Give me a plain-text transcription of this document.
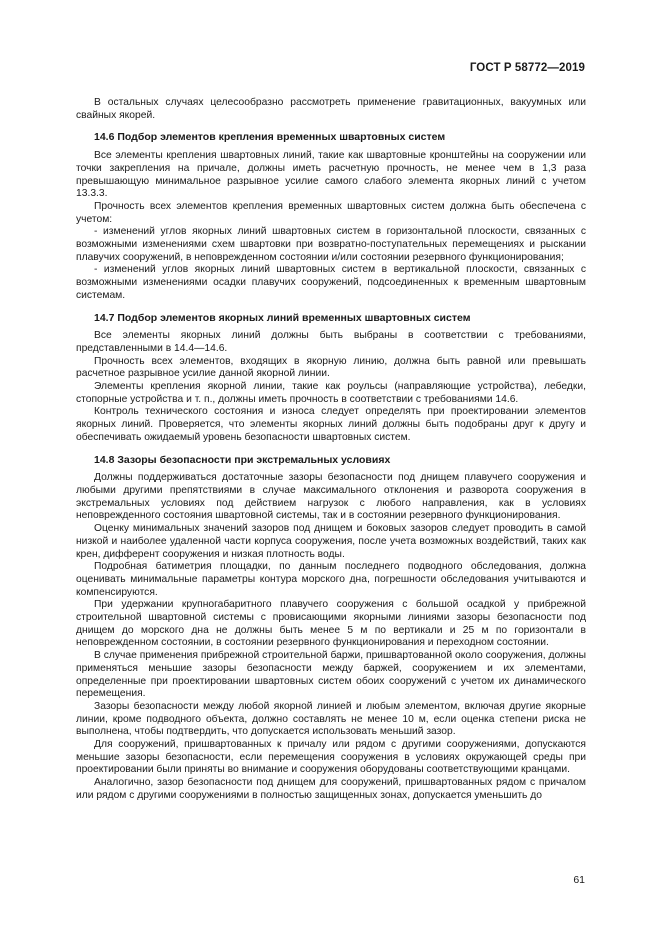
ГОСТ Р 58772—2019

В остальных случаях целесообразно рассмотреть применение гравитационных, вакуумных или свайных якорей.

14.6 Подбор элементов крепления временных швартовных систем

Все элементы крепления швартовных линий, такие как швартовные кронштейны на сооружении или точки закрепления на причале, должны иметь расчетную прочность, не менее чем в 1,3 раза превышающую минимальное разрывное усилие самого слабого элемента якорных линий с учетом 13.3.3.

Прочность всех элементов крепления временных швартовных систем должна быть обеспечена с учетом:

- изменений углов якорных линий швартовных систем в горизонтальной плоскости, связанных с возможными изменениями схем швартовки при возвратно-поступательных перемещениях и рыскании плавучих сооружений, в неповрежденном состоянии и/или состоянии резервного функционирования;

- изменений углов якорных линий швартовных систем в вертикальной плоскости, связанных с возможными изменениями осадки плавучих сооружений, подсоединенных к временным швартовным системам.

14.7 Подбор элементов якорных линий временных швартовных систем

Все элементы якорных линий должны быть выбраны в соответствии с требованиями, представленными в 14.4—14.6.

Прочность всех элементов, входящих в якорную линию, должна быть равной или превышать расчетное разрывное усилие данной якорной линии.

Элементы крепления якорной линии, такие как роульсы (направляющие устройства), лебедки, стопорные устройства и т. п., должны иметь прочность в соответствии с требованиями 14.6.

Контроль технического состояния и износа следует определять при проектировании элементов якорных линий. Проверяется, что элементы якорных линий должны быть подобраны друг к другу и обеспечивать ожидаемый уровень безопасности швартовных систем.

14.8 Зазоры безопасности при экстремальных условиях

Должны поддерживаться достаточные зазоры безопасности под днищем плавучего сооружения и любыми другими препятствиями в случае максимального отклонения и разворота сооружения в экстремальных условиях под действием нагрузок с любого направления, как в условиях неповрежденного состояния швартовной системы, так и в состоянии резервного функционирования.

Оценку минимальных значений зазоров под днищем и боковых зазоров следует проводить в самой низкой и наиболее удаленной части корпуса сооружения, после учета возможных воздействий, таких как крен, дифферент сооружения и низкая плотность воды.

Подробная батиметрия площадки, по данным последнего подводного обследования, должна оценивать минимальные параметры контура морского дна, погрешности обследования учитываются и компенсируются.

При удержании крупногабаритного плавучего сооружения с большой осадкой у прибрежной строительной швартовной системы с провисающими якорными линиями зазоры безопасности под днищем до морского дна не должны быть менее 5 м по вертикали и 25 м по горизонтали в неповрежденном состоянии, в состоянии резервного функционирования и переходном состоянии.

В случае применения прибрежной строительной баржи, пришвартованной около сооружения, должны применяться меньшие зазоры безопасности между баржей, сооружением и их элементами, определенные при проектировании швартовных систем обоих сооружений с учетом их динамического перемещения.

Зазоры безопасности между любой якорной линией и любым элементом, включая другие якорные линии, кроме подводного объекта, должно составлять не менее 10 м, если оценка степени риска не выполнена, чтобы подтвердить, что допускается использовать меньший зазор.

Для сооружений, пришвартованных к причалу или рядом с другими сооружениями, допускаются меньшие зазоры безопасности, если перемещения сооружения в условиях окружающей среды при проектировании были приняты во внимание и сооружения оборудованы соответствующими кранцами.

Аналогично, зазор безопасности под днищем для сооружений, пришвартованных рядом с причалом или рядом с другими сооружениями в полностью защищенных зонах, допускается уменьшить до

61
